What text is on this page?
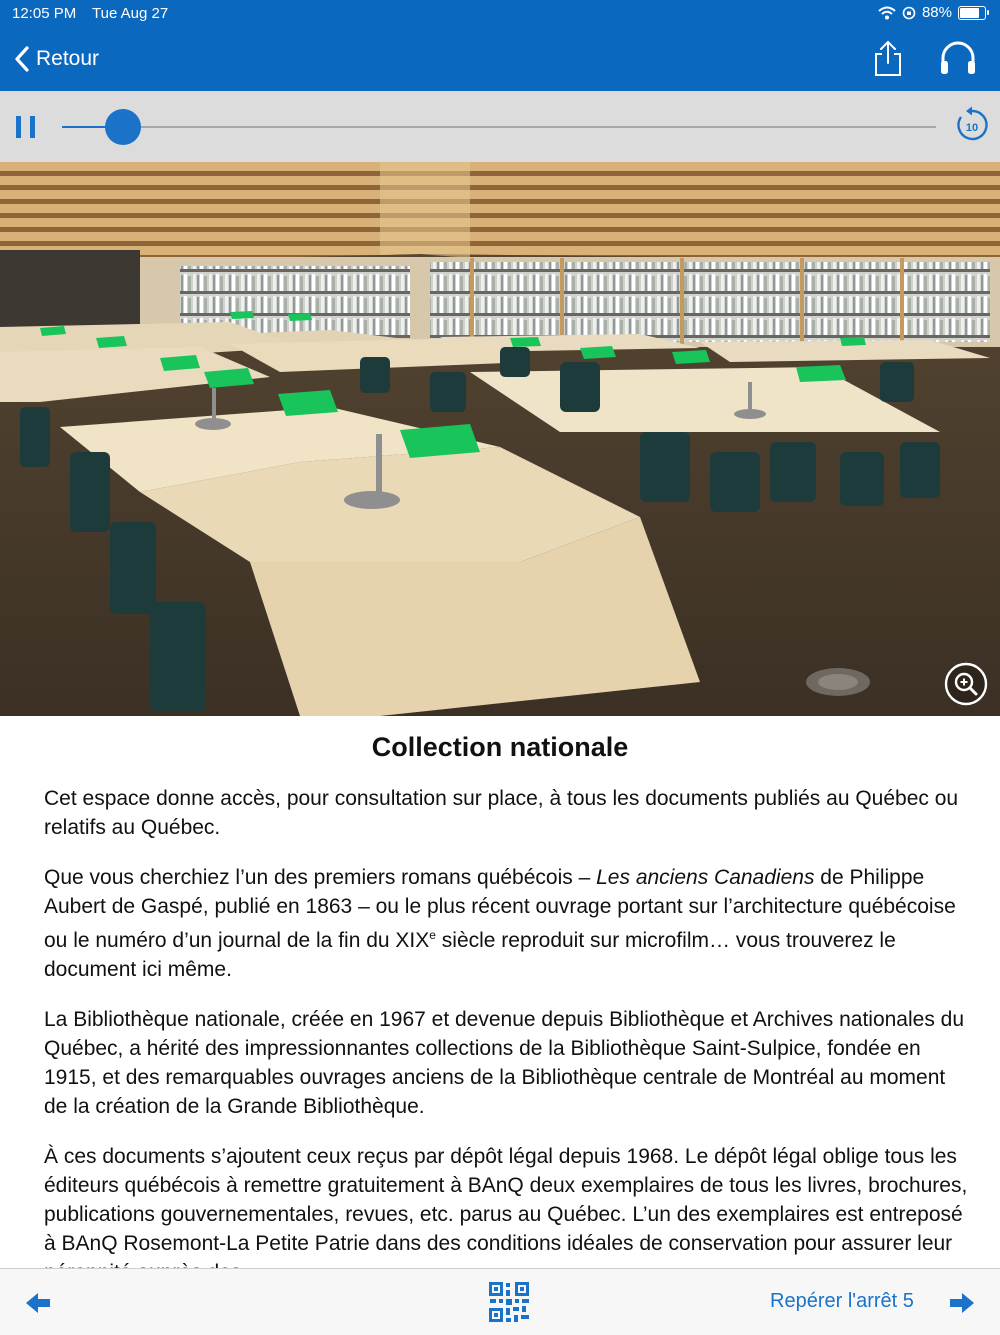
12:05 PM Tue Aug 27	88%
Retour
10
Collection nationale

Cet espace donne accès, pour consultation sur place, à tous les documents publiés au Québec ou relatifs au Québec.

Que vous cherchiez l’un des premiers romans québécois – Les anciens Canadiens de Philippe Aubert de Gaspé, publié en 1863 – ou le plus récent ouvrage portant sur l’architecture québécoise ou le numéro d’un journal de la fin du XIXe siècle reproduit sur microfilm… vous trouverez le document ici même.

La Bibliothèque nationale, créée en 1967 et devenue depuis Bibliothèque et Archives nationales du Québec, a hérité des impressionnantes collections de la Bibliothèque Saint-Sulpice, fondée en 1915, et des remarquables ouvrages anciens de la Bibliothèque centrale de Montréal au moment de la création de la Grande Bibliothèque.

À ces documents s’ajoutent ceux reçus par dépôt légal depuis 1968. Le dépôt légal oblige tous les éditeurs québécois à remettre gratuitement à BAnQ deux exemplaires de tous les livres, brochures, publications gouvernementales, revues, etc. parus au Québec. L’un des exemplaires est entreposé à BAnQ Rosemont-La Petite Patrie dans des conditions idéales de conservation pour assurer leur

Repérer l'arrêt 5
